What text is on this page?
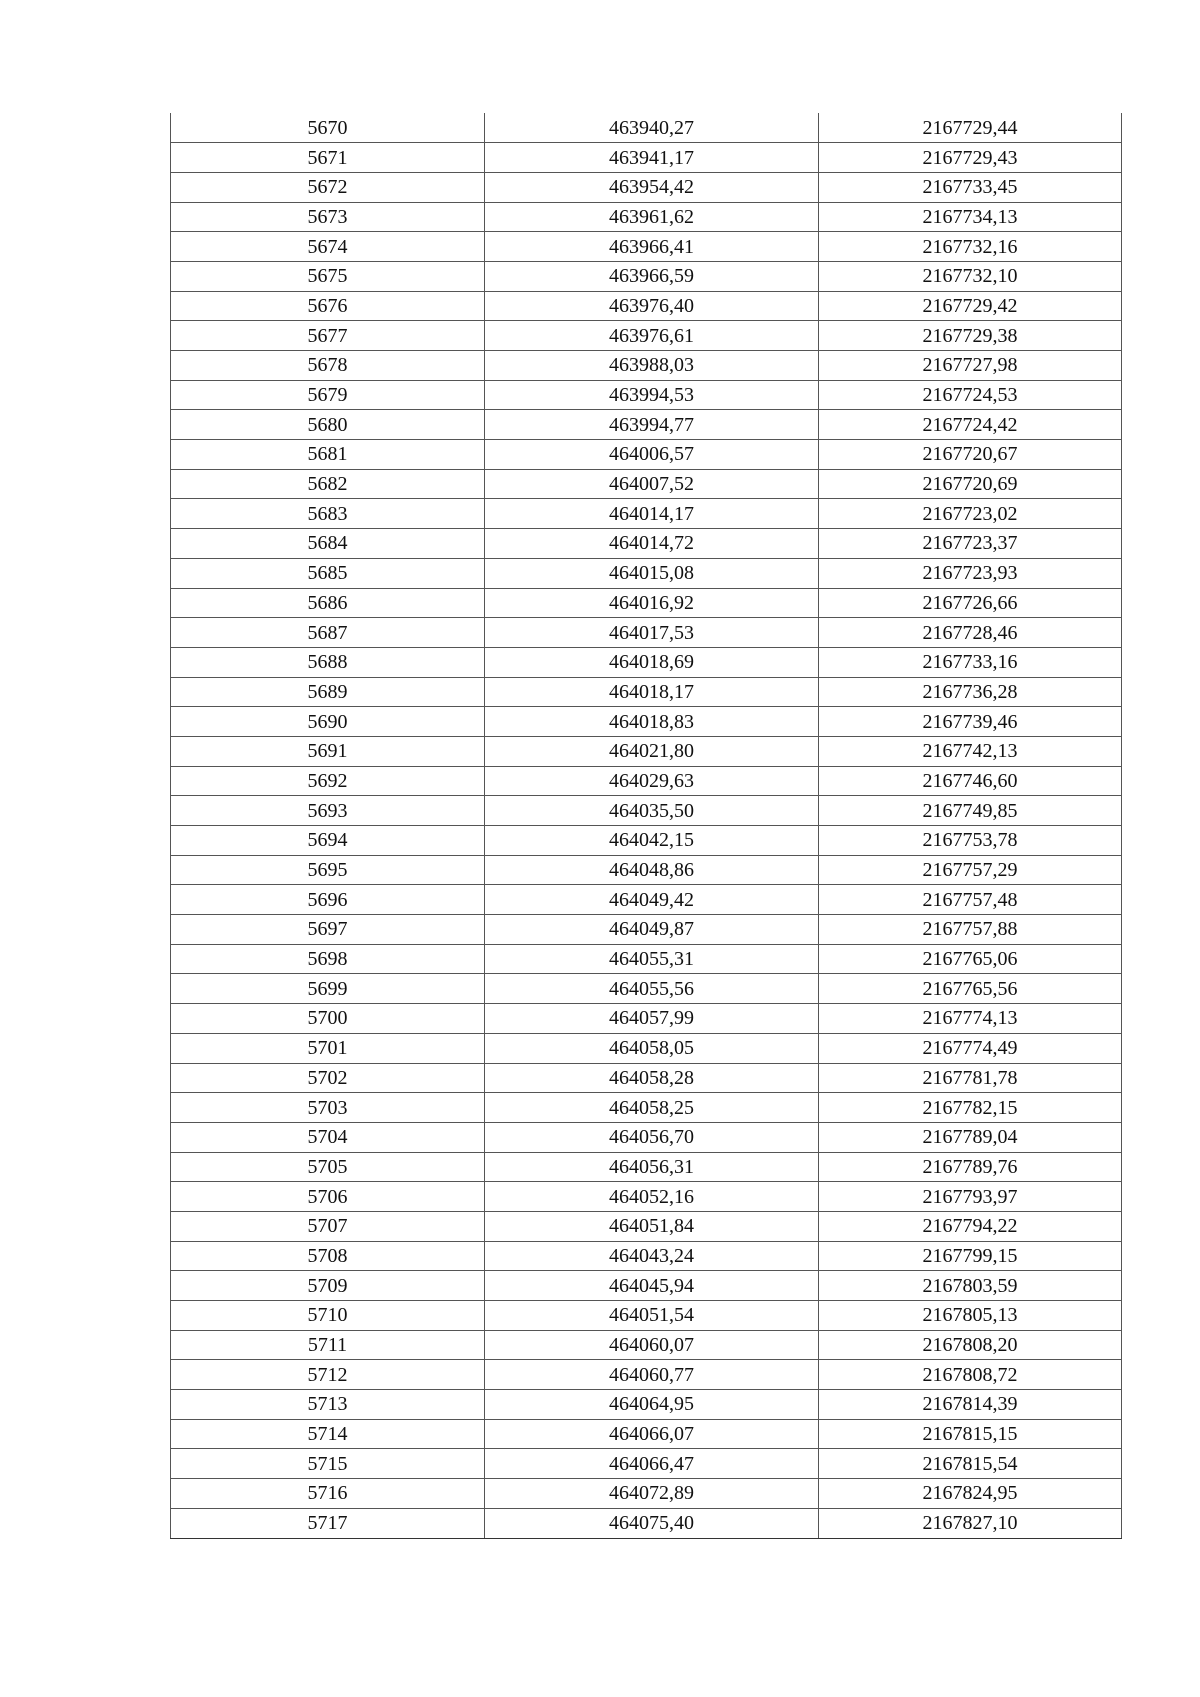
5670	463940,27	2167729,44
5671	463941,17	2167729,43
5672	463954,42	2167733,45
5673	463961,62	2167734,13
5674	463966,41	2167732,16
5675	463966,59	2167732,10
5676	463976,40	2167729,42
5677	463976,61	2167729,38
5678	463988,03	2167727,98
5679	463994,53	2167724,53
5680	463994,77	2167724,42
5681	464006,57	2167720,67
5682	464007,52	2167720,69
5683	464014,17	2167723,02
5684	464014,72	2167723,37
5685	464015,08	2167723,93
5686	464016,92	2167726,66
5687	464017,53	2167728,46
5688	464018,69	2167733,16
5689	464018,17	2167736,28
5690	464018,83	2167739,46
5691	464021,80	2167742,13
5692	464029,63	2167746,60
5693	464035,50	2167749,85
5694	464042,15	2167753,78
5695	464048,86	2167757,29
5696	464049,42	2167757,48
5697	464049,87	2167757,88
5698	464055,31	2167765,06
5699	464055,56	2167765,56
5700	464057,99	2167774,13
5701	464058,05	2167774,49
5702	464058,28	2167781,78
5703	464058,25	2167782,15
5704	464056,70	2167789,04
5705	464056,31	2167789,76
5706	464052,16	2167793,97
5707	464051,84	2167794,22
5708	464043,24	2167799,15
5709	464045,94	2167803,59
5710	464051,54	2167805,13
5711	464060,07	2167808,20
5712	464060,77	2167808,72
5713	464064,95	2167814,39
5714	464066,07	2167815,15
5715	464066,47	2167815,54
5716	464072,89	2167824,95
5717	464075,40	2167827,10
